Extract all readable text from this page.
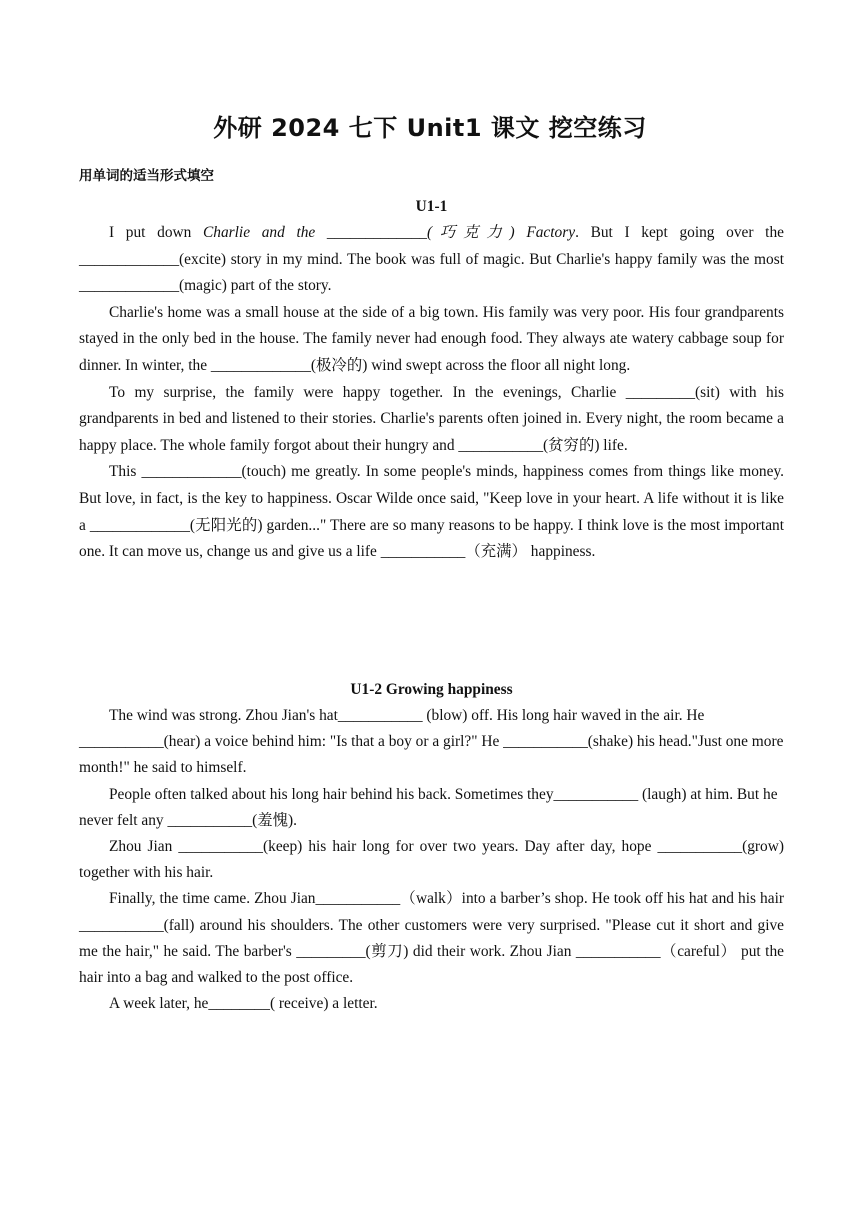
外研 2024 七下 Unit1 课文 挖空练习
用单词的适当形式填空

U1-1

I put down Charlie and the _____________(巧克力) Factory. But I kept going over the _____________(excite) story in my mind. The book was full of magic. But Charlie's happy family was the most _____________(magic) part of the story.

Charlie's home was a small house at the side of a big town. His family was very poor. His four grandparents stayed in the only bed in the house. The family never had enough food. They always ate watery cabbage soup for dinner. In winter, the _____________(极冷的) wind swept across the floor all night long.

To my surprise, the family were happy together. In the evenings, Charlie _________(sit) with his grandparents in bed and listened to their stories. Charlie's parents often joined in. Every night, the room became a happy place. The whole family forgot about their hungry and ___________(贫穷的) life.

This _____________(touch) me greatly. In some people's minds, happiness comes from things like money. But love, in fact, is the key to happiness. Oscar Wilde once said, "Keep love in your heart. A life without it is like a _____________(无阳光的) garden..." There are so many reasons to be happy. I think love is the most important one. It can move us, change us and give us a life ___________（充满） happiness.

U1-2 Growing happiness

The wind was strong. Zhou Jian's hat___________ (blow) off. His long hair waved in the air. He ___________(hear) a voice behind him: "Is that a boy or a girl?" He ___________(shake) his head."Just one more month!" he said to himself.

People often talked about his long hair behind his back. Sometimes they___________ (laugh) at him. But he never felt any ___________(羞愧).

Zhou Jian ___________(keep) his hair long for over two years. Day after day, hope ___________(grow) together with his hair.

Finally, the time came. Zhou Jian___________（walk）into a barber’s shop. He took off his hat and his hair ___________(fall) around his shoulders. The other customers were very surprised. "Please cut it short and give me the hair," he said. The barber's _________(剪刀) did their work. Zhou Jian ___________（careful） put the hair into a bag and walked to the post office.

A week later, he________( receive) a letter.
